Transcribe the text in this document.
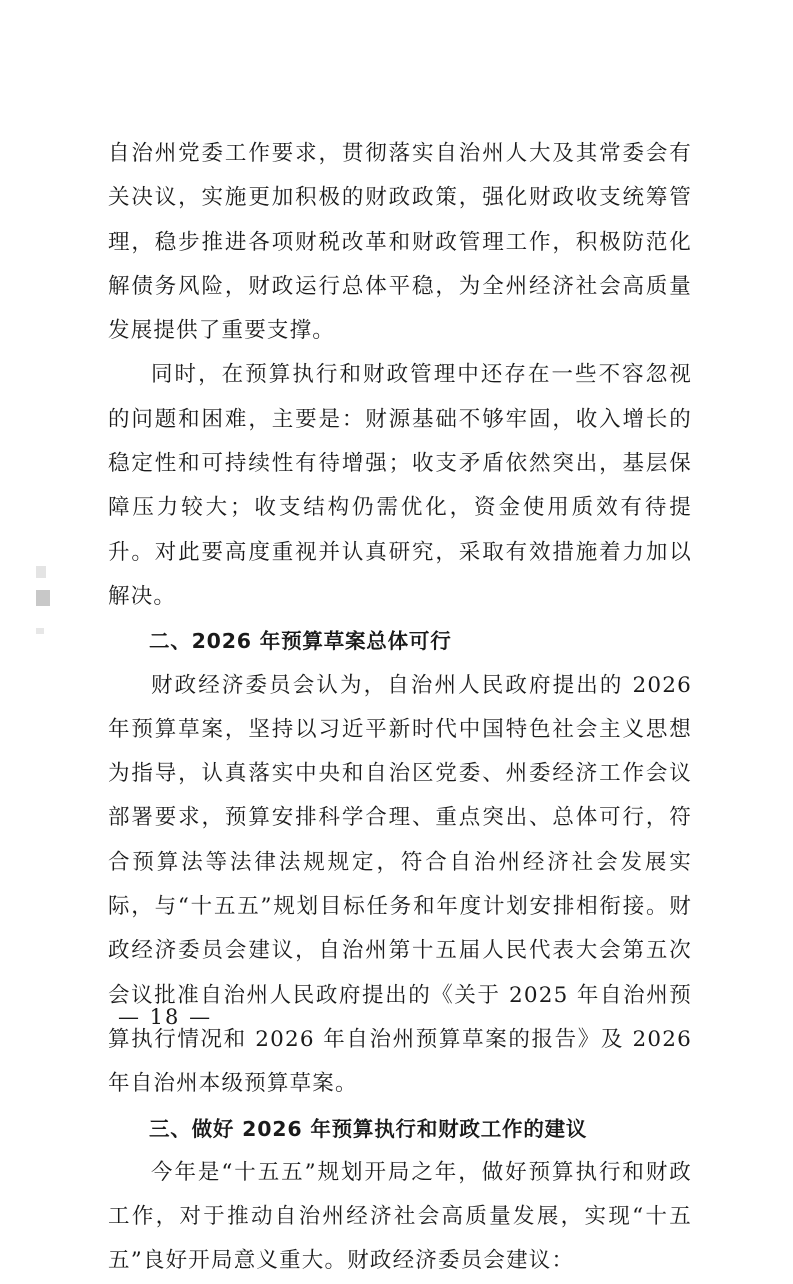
自治州党委工作要求，贯彻落实自治州人大及其常委会有关决议，实施更加积极的财政政策，强化财政收支统筹管理，稳步推进各项财税改革和财政管理工作，积极防范化解债务风险，财政运行总体平稳，为全州经济社会高质量发展提供了重要支撑。

同时，在预算执行和财政管理中还存在一些不容忽视的问题和困难，主要是：财源基础不够牢固，收入增长的稳定性和可持续性有待增强；收支矛盾依然突出，基层保障压力较大；收支结构仍需优化，资金使用质效有待提升。对此要高度重视并认真研究，采取有效措施着力加以解决。

二、2026 年预算草案总体可行

财政经济委员会认为，自治州人民政府提出的 2026 年预算草案，坚持以习近平新时代中国特色社会主义思想为指导，认真落实中央和自治区党委、州委经济工作会议部署要求，预算安排科学合理、重点突出、总体可行，符合预算法等法律法规规定，符合自治州经济社会发展实际，与“十五五”规划目标任务和年度计划安排相衔接。财政经济委员会建议，自治州第十五届人民代表大会第五次会议批准自治州人民政府提出的《关于 2025 年自治州预算执行情况和 2026 年自治州预算草案的报告》及 2026 年自治州本级预算草案。

三、做好 2026 年预算执行和财政工作的建议

今年是“十五五”规划开局之年，做好预算执行和财政工作，对于推动自治州经济社会高质量发展，实现“十五五”良好开局意义重大。财政经济委员会建议：

— 18 —
